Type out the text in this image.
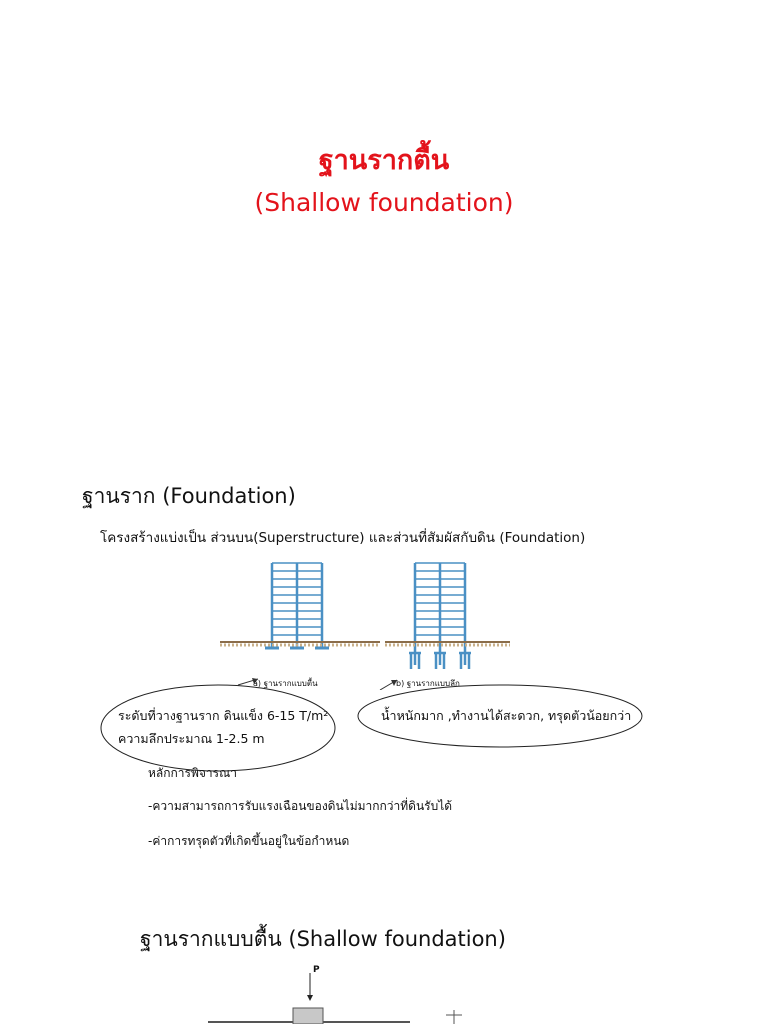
ฐานรากตื้น
(Shallow foundation)
ฐานราก (Foundation)
โครงสร้างแบ่งเป็น ส่วนบน(Superstructure) และส่วนที่สัมผัสกับดิน (Foundation)
a) ฐานรากแบบตื้น	b) ฐานรากแบบลึก
ระดับที่วางฐานราก ดินแข็ง 6-15 T/m²
ความลึกประมาณ 1-2.5 m
น้ำหนักมาก ,ทำงานได้สะดวก, ทรุดตัวน้อยกว่า
หลักการพิจารณา
-ความสามารถการรับแรงเฉือนของดินไม่มากกว่าที่ดินรับได้
-ค่าการทรุดตัวที่เกิดขึ้นอยู่ในข้อกำหนด
ฐานรากแบบตื้น (Shallow foundation)
P
